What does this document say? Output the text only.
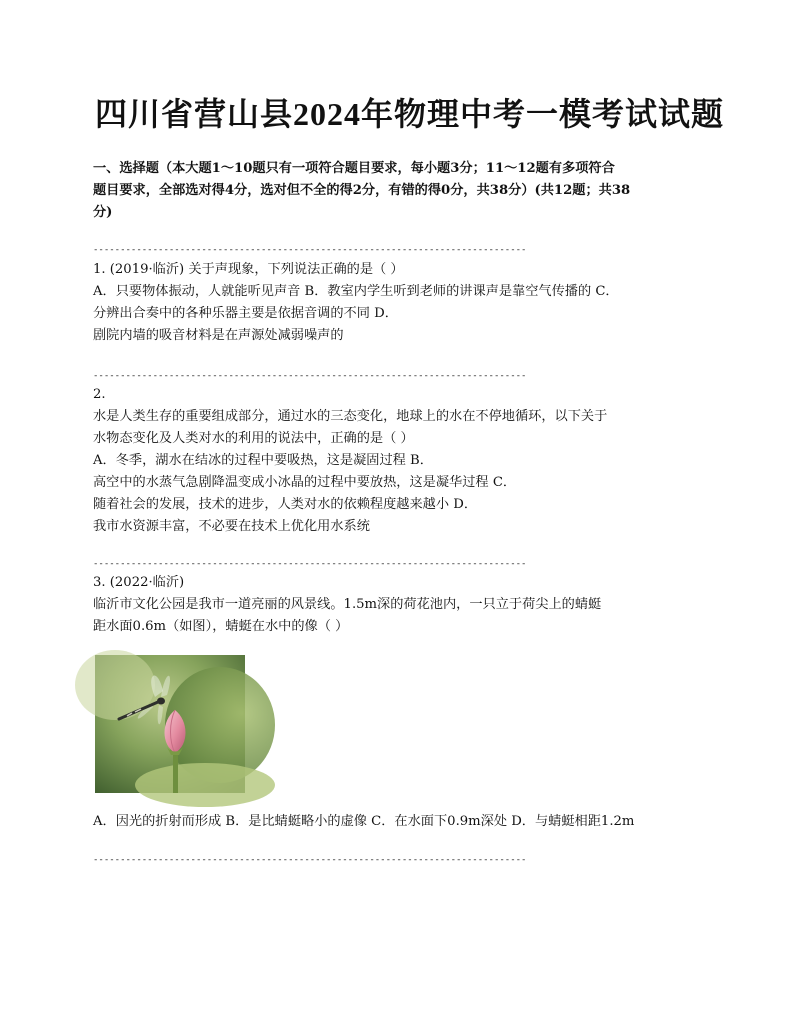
四川省营山县2024年物理中考一模考试试题
一、选择题（本大题1～10题只有一项符合题目要求，每小题3分；11～12题有多项符合
题目要求，全部选对得4分，选对但不全的得2分，有错的得0分，共38分）(共12题；共38
分)
--------------------------------------------------------------------------------
1. (2019·临沂) 关于声现象，下列说法正确的是（ ）
A．只要物体振动，人就能听见声音 B．教室内学生听到老师的讲课声是靠空气传播的 C．
分辨出合奏中的各种乐器主要是依据音调的不同 D．
剧院内墙的吸音材料是在声源处减弱噪声的
--------------------------------------------------------------------------------
2.
水是人类生存的重要组成部分，通过水的三态变化，地球上的水在不停地循环，以下关于
水物态变化及人类对水的利用的说法中，正确的是（ ）
A．冬季，湖水在结冰的过程中要吸热，这是凝固过程 B．
高空中的水蒸气急剧降温变成小冰晶的过程中要放热，这是凝华过程 C．
随着社会的发展，技术的进步，人类对水的依赖程度越来越小 D．
我市水资源丰富，不必要在技术上优化用水系统
--------------------------------------------------------------------------------
3. (2022·临沂)
临沂市文化公园是我市一道亮丽的风景线。1.5m深的荷花池内，一只立于荷尖上的蜻蜓
距水面0.6m（如图），蜻蜓在水中的像（ ）
A．因光的折射而形成 B．是比蜻蜓略小的虚像 C．在水面下0.9m深处 D．与蜻蜓相距1.2m
--------------------------------------------------------------------------------
